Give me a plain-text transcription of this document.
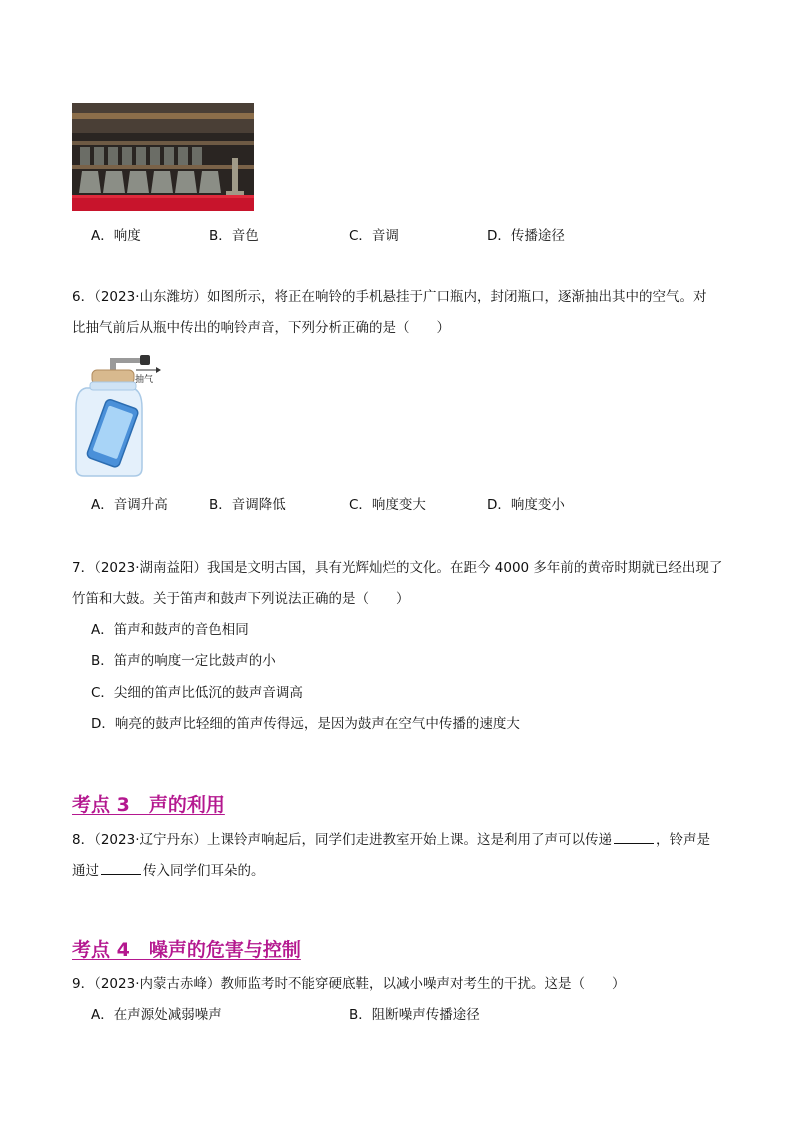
A．响度	B．音色	C．音调	D．传播途径
6．（2023·山东潍坊）如图所示，将正在响铃的手机悬挂于广口瓶内，封闭瓶口，逐渐抽出其中的空气。对
比抽气前后从瓶中传出的响铃声音，下列分析正确的是（　　）
抽气
A．音调升高	B．音调降低	C．响度变大	D．响度变小
7．（2023·湖南益阳）我国是文明古国，具有光辉灿烂的文化。在距今 4000 多年前的黄帝时期就已经出现了
竹笛和大鼓。关于笛声和鼓声下列说法正确的是（　　）
A．笛声和鼓声的音色相同
B．笛声的响度一定比鼓声的小
C．尖细的笛声比低沉的鼓声音调高
D．响亮的鼓声比轻细的笛声传得远，是因为鼓声在空气中传播的速度大
考点 3　声的利用
8．（2023·辽宁丹东）上课铃声响起后，同学们走进教室开始上课。这是利用了声可以传递	，铃声是
通过	传入同学们耳朵的。
考点 4　噪声的危害与控制
9．（2023·内蒙古赤峰）教师监考时不能穿硬底鞋，以减小噪声对考生的干扰。这是（　　）
A．在声源处减弱噪声	B．阻断噪声传播途径
